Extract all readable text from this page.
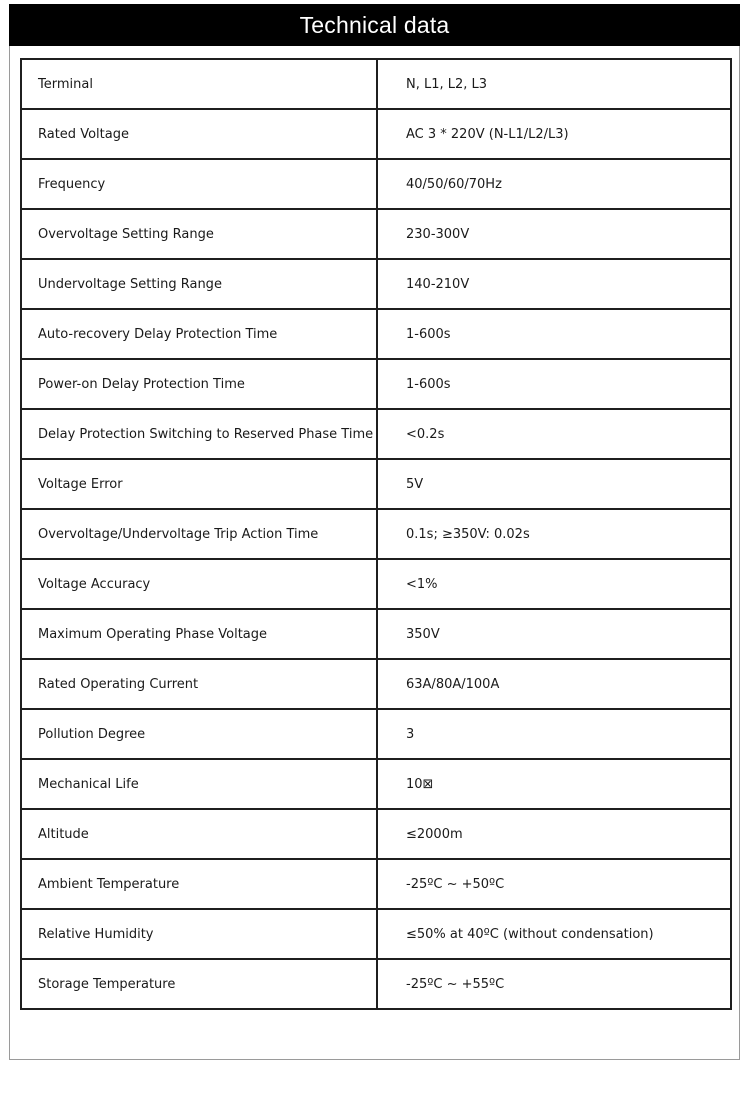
Technical data
Terminal	N, L1, L2, L3
Rated Voltage	AC 3 * 220V (N-L1/L2/L3)
Frequency	40/50/60/70Hz
Overvoltage Setting Range	230-300V
Undervoltage Setting Range	140-210V
Auto-recovery Delay Protection Time	1-600s
Power-on Delay Protection Time	1-600s
Delay Protection Switching to Reserved Phase Time	<0.2s
Voltage Error	5V
Overvoltage/Undervoltage Trip Action Time	0.1s; ≥350V: 0.02s
Voltage Accuracy	<1%
Maximum Operating Phase Voltage	350V
Rated Operating Current	63A/80A/100A
Pollution Degree	3
Mechanical Life	10⊠
Altitude	≤2000m
Ambient Temperature	-25ºC ~ +50ºC
Relative Humidity	≤50% at 40ºC (without condensation)
Storage Temperature	-25ºC ~ +55ºC
